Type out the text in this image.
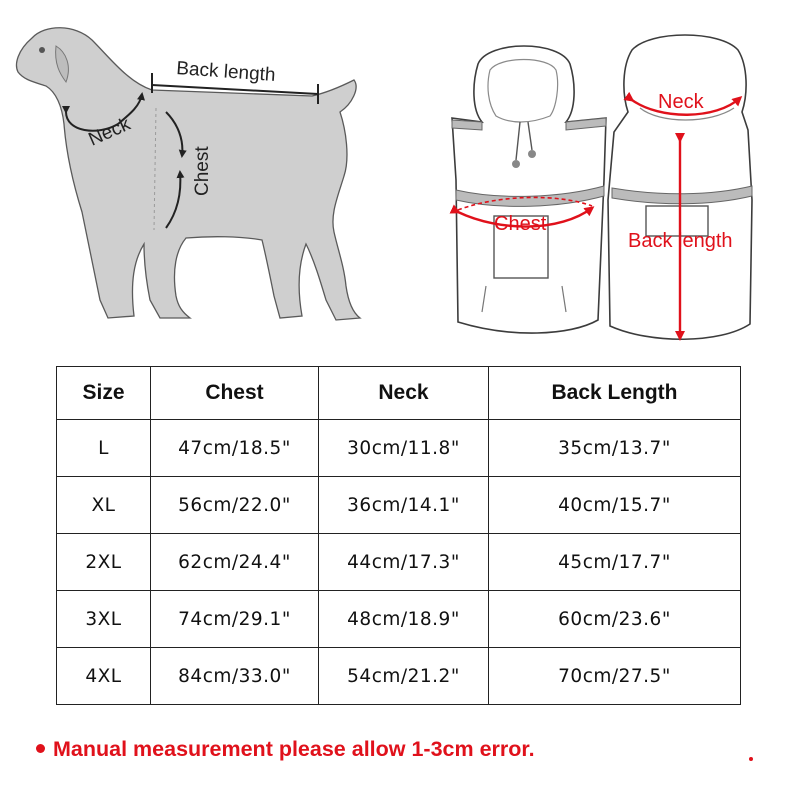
Back length
Neck
Chest
Chest
Neck
Back length
Size	Chest	Neck	Back Length
L	47cm/18.5"	30cm/11.8"	35cm/13.7"
XL	56cm/22.0"	36cm/14.1"	40cm/15.7"
2XL	62cm/24.4"	44cm/17.3"	45cm/17.7"
3XL	74cm/29.1"	48cm/18.9"	60cm/23.6"
4XL	84cm/33.0"	54cm/21.2"	70cm/27.5"
Manual measurement please allow 1-3cm error.
